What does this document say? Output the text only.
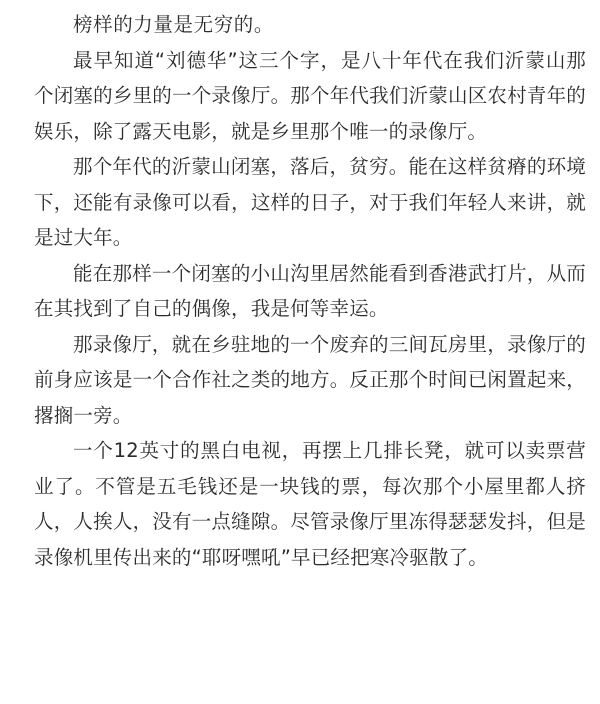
榜样的力量是无穷的。

最早知道“刘德华”这三个字，是八十年代在我们沂蒙山那个闭塞的乡里的一个录像厅。那个年代我们沂蒙山区农村青年的娱乐，除了露天电影，就是乡里那个唯一的录像厅。

那个年代的沂蒙山闭塞，落后，贫穷。能在这样贫瘠的环境下，还能有录像可以看，这样的日子，对于我们年轻人来讲，就是过大年。

能在那样一个闭塞的小山沟里居然能看到香港武打片，从而在其找到了自己的偶像，我是何等幸运。

那录像厅，就在乡驻地的一个废弃的三间瓦房里，录像厅的前身应该是一个合作社之类的地方。反正那个时间已闲置起来，撂搁一旁。

一个12英寸的黑白电视，再摆上几排长凳，就可以卖票营业了。不管是五毛钱还是一块钱的票，每次那个小屋里都人挤人，人挨人，没有一点缝隙。尽管录像厅里冻得瑟瑟发抖，但是录像机里传出来的“耶呀嘿吼”早已经把寒冷驱散了。
